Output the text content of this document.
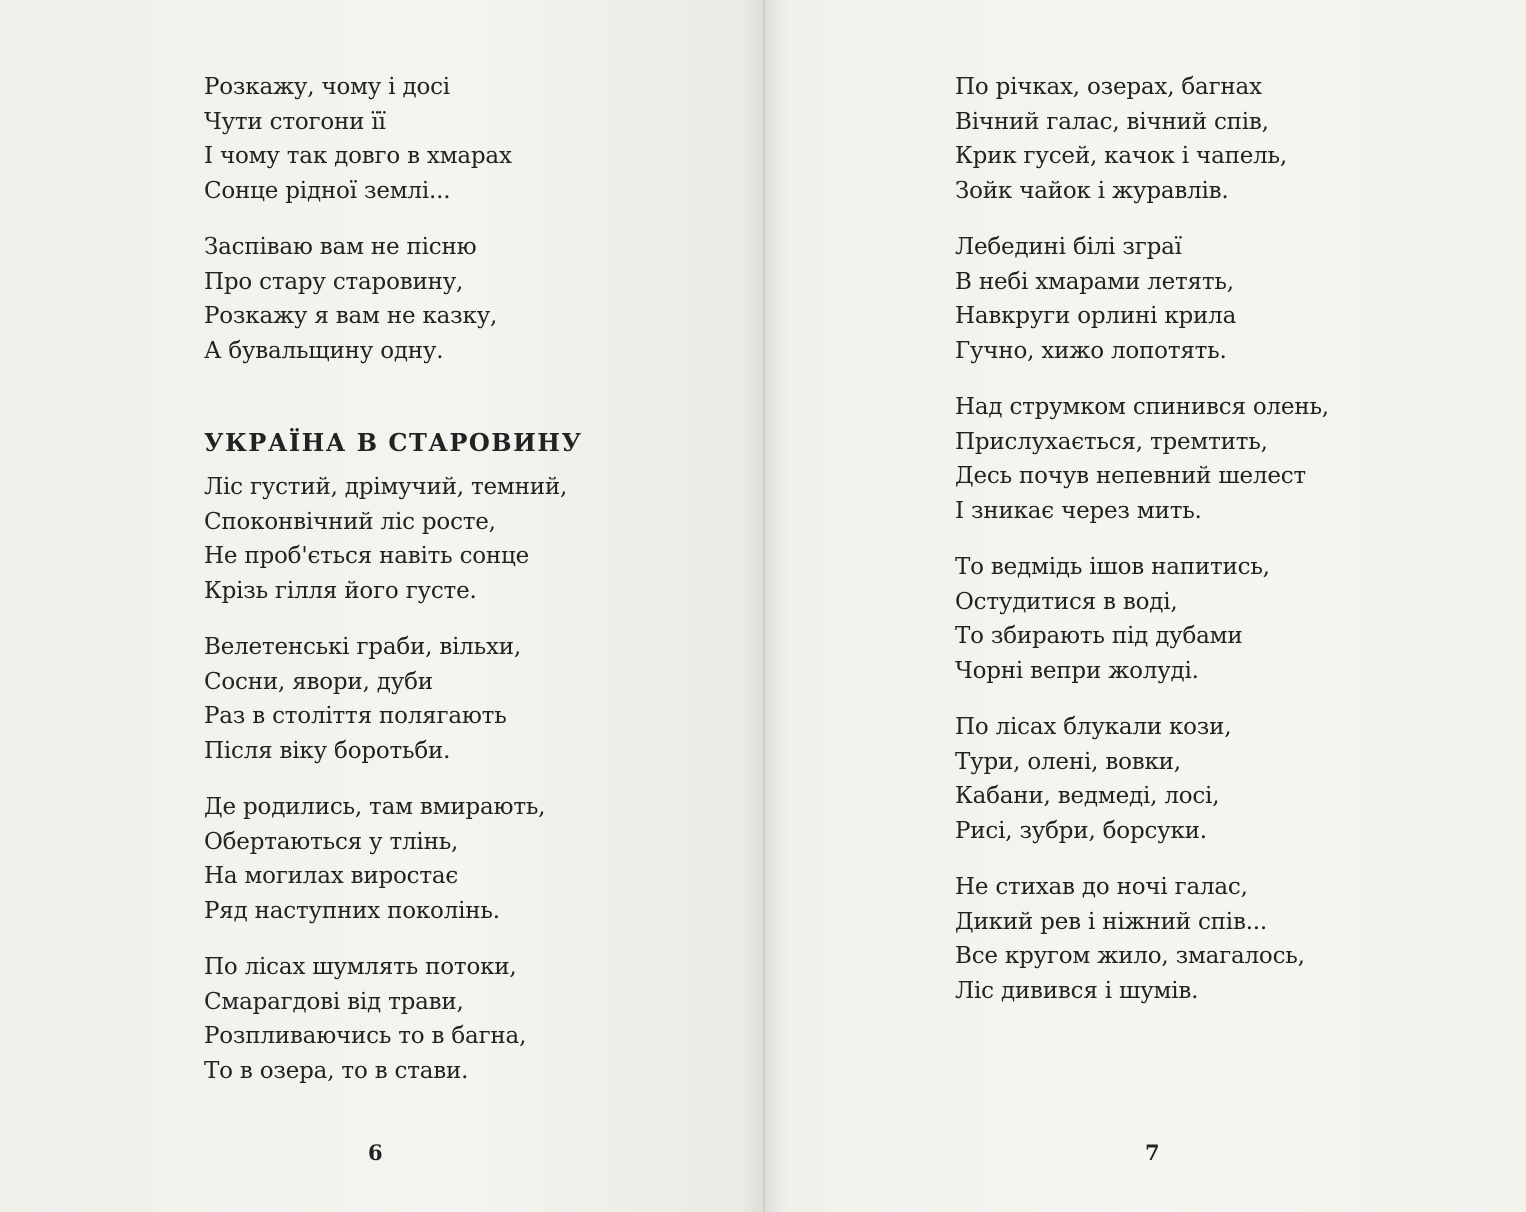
Розкажу, чому і досі
Чути стогони її
І чому так довго в хмарах
Сонце рідної землі...
Заспіваю вам не пісню
Про стару старовину,
Розкажу я вам не казку,
А бувальщину одну.
УКРАЇНА В СТАРОВИНУ
Ліс густий, дрімучий, темний,
Споконвічний ліс росте,
Не проб'ється навіть сонце
Крізь гілля його густе.
Велетенські граби, вільхи,
Сосни, явори, дуби
Раз в століття полягають
Після віку боротьби.
Де родились, там вмирають,
Обертаються у тлінь,
На могилах виростає
Ряд наступних поколінь.
По лісах шумлять потоки,
Смарагдові від трави,
Розпливаючись то в багна,
То в озера, то в стави.
6
По річках, озерах, багнах
Вічний галас, вічний спів,
Крик гусей, качок і чапель,
Зойк чайок і журавлів.
Лебедині білі зграї
В небі хмарами летять,
Навкруги орлині крила
Гучно, хижо лопотять.
Над струмком спинився олень,
Прислухається, тремтить,
Десь почув непевний шелест
І зникає через мить.
То ведмідь ішов напитись,
Остудитися в воді,
То збирають під дубами
Чорні вепри жолуді.
По лісах блукали кози,
Тури, олені, вовки,
Кабани, ведмеді, лосі,
Рисі, зубри, борсуки.
Не стихав до ночі галас,
Дикий рев і ніжний спів...
Все кругом жило, змагалось,
Ліс дивився і шумів.
7
